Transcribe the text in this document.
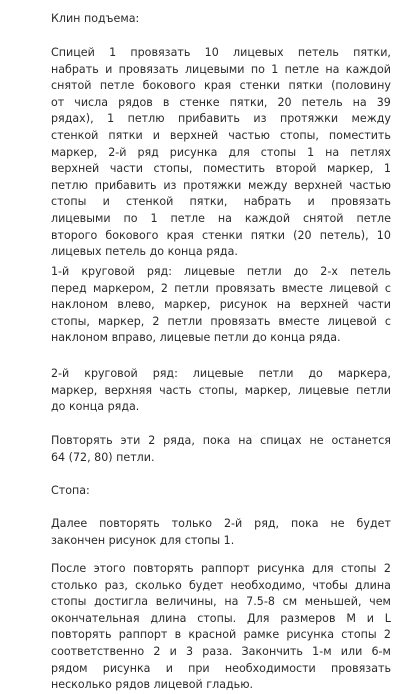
Клин подъема:
Спицей 1 провязать 10 лицевых петель пятки,
набрать и провязать лицевыми по 1 петле на каждой
снятой петле бокового края стенки пятки (половину
от числа рядов в стенке пятки, 20 петель на 39
рядах), 1 петлю прибавить из протяжки между
стенкой пятки и верхней частью стопы, поместить
маркер, 2-й ряд рисунка для стопы 1 на петлях
верхней части стопы, поместить второй маркер, 1
петлю прибавить из протяжки между верхней частью
стопы и стенкой пятки, набрать и провязать
лицевыми по 1 петле на каждой снятой петле
второго бокового края стенки пятки (20 петель), 10
лицевых петель до конца ряда.
1-й круговой ряд: лицевые петли до 2-х петель
перед маркером, 2 петли провязать вместе лицевой с
наклоном влево, маркер, рисунок на верхней части
стопы, маркер, 2 петли провязать вместе лицевой с
наклоном вправо, лицевые петли до конца ряда.
2-й круговой ряд: лицевые петли до маркера,
маркер, верхняя часть стопы, маркер, лицевые петли
до конца ряда.
Повторять эти 2 ряда, пока на спицах не останется
64 (72, 80) петли.
Стопа:
Далее повторять только 2-й ряд, пока не будет
закончен рисунок для стопы 1.
После этого повторять раппорт рисунка для стопы 2
столько раз, сколько будет необходимо, чтобы длина
стопы достигла величины, на 7.5-8 см меньшей, чем
окончательная длина стопы. Для размеров М и L
повторять раппорт в красной рамке рисунка стопы 2
соответственно 2 и 3 раза. Закончить 1-м или 6-м
рядом рисунка и при необходимости провязать
несколько рядов лицевой гладью.
